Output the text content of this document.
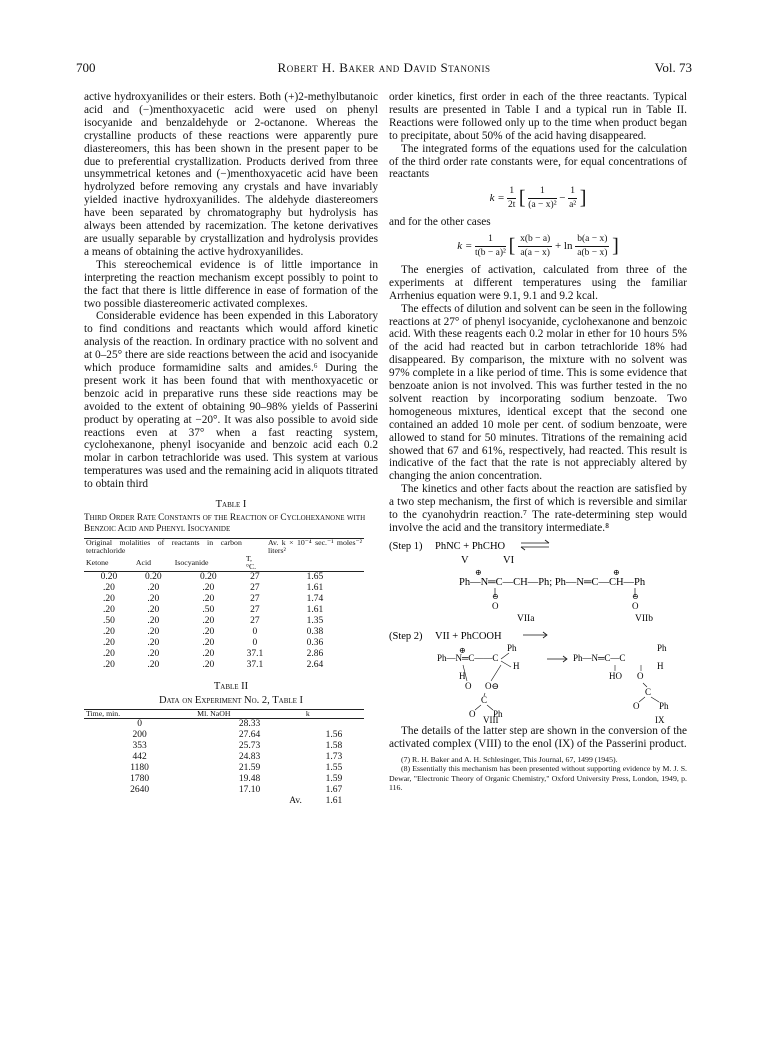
700	Robert H. Baker and David Stanonis	Vol. 73

active hydroxyanilides or their esters. Both (+)2-methylbutanoic acid and (−)menthoxyacetic acid were used on phenyl isocyanide and benzaldehyde or 2-octanone. Whereas the crystalline products of these reactions were apparently pure diastereomers, this has been shown in the present paper to be due to preferential crystallization. Products derived from three unsymmetrical ketones and (−)menthoxyacetic acid have been hydrolyzed before removing any crystals and have invariably yielded inactive hydroxyanilides. The aldehyde diastereomers have been separated by chromatography but hydrolysis has always been attended by racemization. The ketone derivatives are usually separable by crystallization and hydrolysis provides a means of obtaining the active hydroxyanilides.

This stereochemical evidence is of little importance in interpreting the reaction mechanism except possibly to point to the fact that there is little difference in ease of formation of the two possible diastereomeric activated complexes.

Considerable evidence has been expended in this Laboratory to find conditions and reactants which would afford kinetic analysis of the reaction. In ordinary practice with no solvent and at 0–25° there are side reactions between the acid and isocyanide which produce formamidine salts and amides.⁶ During the present work it has been found that with menthoxyacetic or benzoic acid in preparative runs these side reactions may be avoided to the extent of obtaining 90–98% yields of Passerini product by operating at −20°. It was also possible to avoid side reactions even at 37° when a fast reacting system, cyclohexanone, phenyl isocyanide and benzoic acid each 0.2 molar in carbon tetrachloride was used. This system at various temperatures was used and the remaining acid in aliquots titrated to obtain third

Table I
Third Order Rate Constants of the Reaction of Cyclohexanone with Benzoic Acid and Phenyl Isocyanide
Original molalities of reactants in carbon tetrachloride				Av. k × 10⁻⁴ sec.⁻¹ moles⁻² liters²
Ketone	Acid	Isocyanide	T, °C.	
0.20	0.20	0.20	27	1.65
.20	.20	.20	27	1.61
.20	.20	.20	27	1.74
.20	.20	.50	27	1.61
.50	.20	.20	27	1.35
.20	.20	.20	0	0.38
.20	.20	.20	0	0.36
.20	.20	.20	37.1	2.86
.20	.20	.20	37.1	2.64
Table II
Data on Experiment No. 2, Table I
Time, min.	Ml. NaOH	k
0	28.33	
200	27.64	1.56
353	25.73	1.58
442	24.83	1.73
1180	21.59	1.55
1780	19.48	1.59
2640	17.10	1.67
	Av.	1.61

order kinetics, first order in each of the three reactants. Typical results are presented in Table I and a typical run in Table II. Reactions were followed only up to the time when product began to precipitate, about 50% of the acid having disappeared.

The integrated forms of the equations used for the calculation of the third order rate constants were, for equal concentrations of reactants

$k = \frac{1}{2t}$ [ $\frac{1}{\text{(a − x)²}} - \frac{1}{\text{a²}}$ ]

and for the other cases

$k = \frac{1}{\text{t(b − a)²}}$ [ $\frac{x(b - a)}{a(a - x)} + \ln \frac{b(a - x)}{a(b - x)}$ ]

The energies of activation, calculated from three of the experiments at different temperatures using the familiar Arrhenius equation were 9.1, 9.1 and 9.2 kcal.

The effects of dilution and solvent can be seen in the following reactions at 27° of phenyl isocyanide, cyclohexanone and benzoic acid. With these reagents each 0.2 molar in ether for 10 hours 5% of the acid had reacted but in carbon tetrachloride 18% had disappeared. By comparison, the mixture with no solvent was 97% complete in a like period of time. This is some evidence that benzoate anion is not involved. This was further tested in the no solvent reaction by incorporating sodium benzoate. Two homogeneous mixtures, identical except that the second one contained an added 10 mole per cent. of sodium benzoate, were allowed to stand for 50 minutes. Titrations of the remaining acid showed that 67 and 61%, respectively, had reacted. This result is indicative of the fact that the rate is not appreciably altered by changing the anion concentration.

The kinetics and other facts about the reaction are satisfied by a two step mechanism, the first of which is reversible and similar to the cyanohydrin reaction.⁷ The rate-determining step would involve the acid and the transitory intermediate.⁸

(Step 1) PhNC + PhCHO
V	VI
⊕	⊕
Ph—N═C—CH—Ph; Ph—N═C—CH—Ph
⊖
O
⊖
O
VIIa	VIIb
(Step 2) VII + PhCOOH
⊕
Ph—N═C——C
Ph
H
H
O O⊖
C
O Ph
VIII
Ph—N═C—C
Ph
H
HO O
C
O Ph
IX

The details of the latter step are shown in the conversion of the activated complex (VIII) to the enol (IX) of the Passerini product.

(7) R. H. Baker and A. H. Schlesinger, This Journal, 67, 1499 (1945).

(8) Essentially this mechanism has been presented without supporting evidence by M. J. S. Dewar, "Electronic Theory of Organic Chemistry," Oxford University Press, London, 1949, p. 116.
